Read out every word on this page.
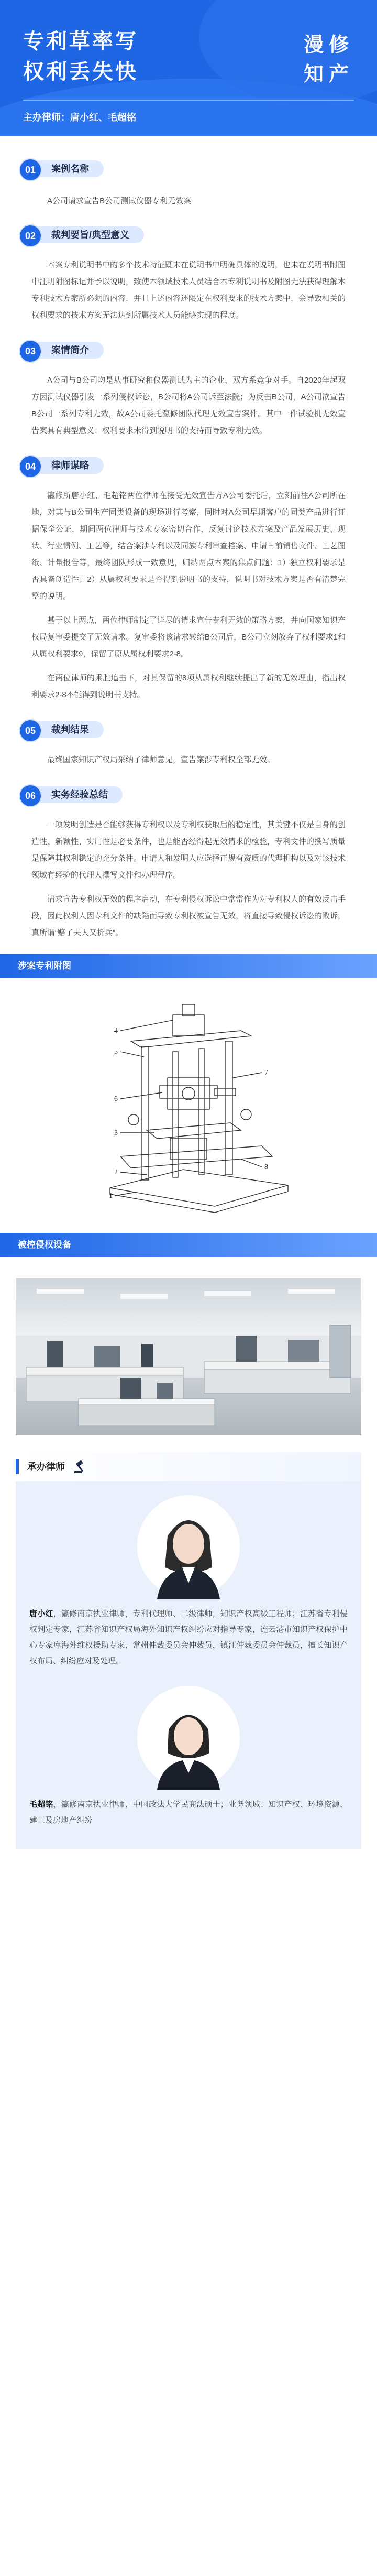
专利草率写
权利丢失快
漫修
知产
主办律师：唐小红、毛超铭
案例名称
01

A公司请求宣告B公司测试仪器专利无效案

裁判要旨/典型意义
02

本案专利说明书中的多个技术特征既未在说明书中明确具体的说明，也未在说明书附图中注明附图标记并予以说明，致使本领域技术人员结合本专利说明书及附图无法获得理解本专利技术方案所必须的内容，并且上述内容还限定在权利要求的技术方案中，会导致相关的权利要求的技术方案无法达到所属技术人员能够实现的程度。

案情简介
03

A公司与B公司均是从事研究和仪器测试为主的企业，双方系竞争对手。自2020年起双方因测试仪器引发一系列侵权诉讼，B公司将A公司诉至法院；为反击B公司，A公司欲宣告B公司一系列专利无效，故A公司委托瀛修团队代理无效宣告案件。其中一件试验机无效宣告案具有典型意义：权利要求未得到说明书的支持而导致专利无效。

律师谋略
04

瀛修所唐小红、毛超铭两位律师在接受无效宣告方A公司委托后，立刻前往A公司所在地，对其与B公司生产同类设备的现场进行考察，同时对A公司早期客户的同类产品进行证据保全公证，期间两位律师与技术专家密切合作，反复讨论技术方案及产品发展历史、现状、行业惯例、工艺等，结合案涉专利以及同族专利审查档案、申请日前销售文件、工艺图纸、计量报告等，最终团队形成一致意见，归纳两点本案的焦点问题：1）独立权利要求是否具备创造性；2）从属权利要求是否得到说明书的支持，说明书对技术方案是否有清楚完整的说明。

基于以上两点，两位律师制定了详尽的请求宣告专利无效的策略方案，并向国家知识产权局复审委提交了无效请求。复审委将该请求转给B公司后，B公司立刻放弃了权利要求1和从属权利要求9，保留了原从属权利要求2-8。

在两位律师的乘胜追击下，对其保留的8项从属权利继续提出了新的无效理由，指出权利要求2-8不能得到说明书支持。

裁判结果
05

最终国家知识产权局采纳了律师意见，宣告案涉专利权全部无效。

实务经验总结
06

一项发明创造是否能够获得专利权以及专利权获取后的稳定性，其关键不仅是自身的创造性、新颖性、实用性是必要条件，也是能否经得起无效请求的检验，专利文件的撰写质量是保障其权利稳定的充分条件。申请人和发明人应选择正规有资质的代理机构以及对该技术领域有经验的代理人撰写文件和办理程序。

请求宣告专利权无效的程序启动，在专利侵权诉讼中常常作为对专利权人的有效反击手段，因此权利人因专利文件的缺陷而导致专利权被宣告无效，将直接导致侵权诉讼的败诉，真所谓“赔了夫人又折兵”。

涉案专利附图
4
5
6
3
2
1
7
8
被控侵权设备
承办律师
唐小红，瀛修南京执业律师，专利代理师、二级律师，知识产权高级工程师；江苏省专利侵权判定专家，江苏省知识产权局海外知识产权纠纷应对指导专家，连云港市知识产权保护中心专家库海外维权援助专家，常州仲裁委员会仲裁员，镇江仲裁委员会仲裁员，擅长知识产权布局、纠纷应对及处理。
毛超铭，瀛修南京执业律师，中国政法大学民商法硕士；业务领域：知识产权、环境资源、建工及房地产纠纷
